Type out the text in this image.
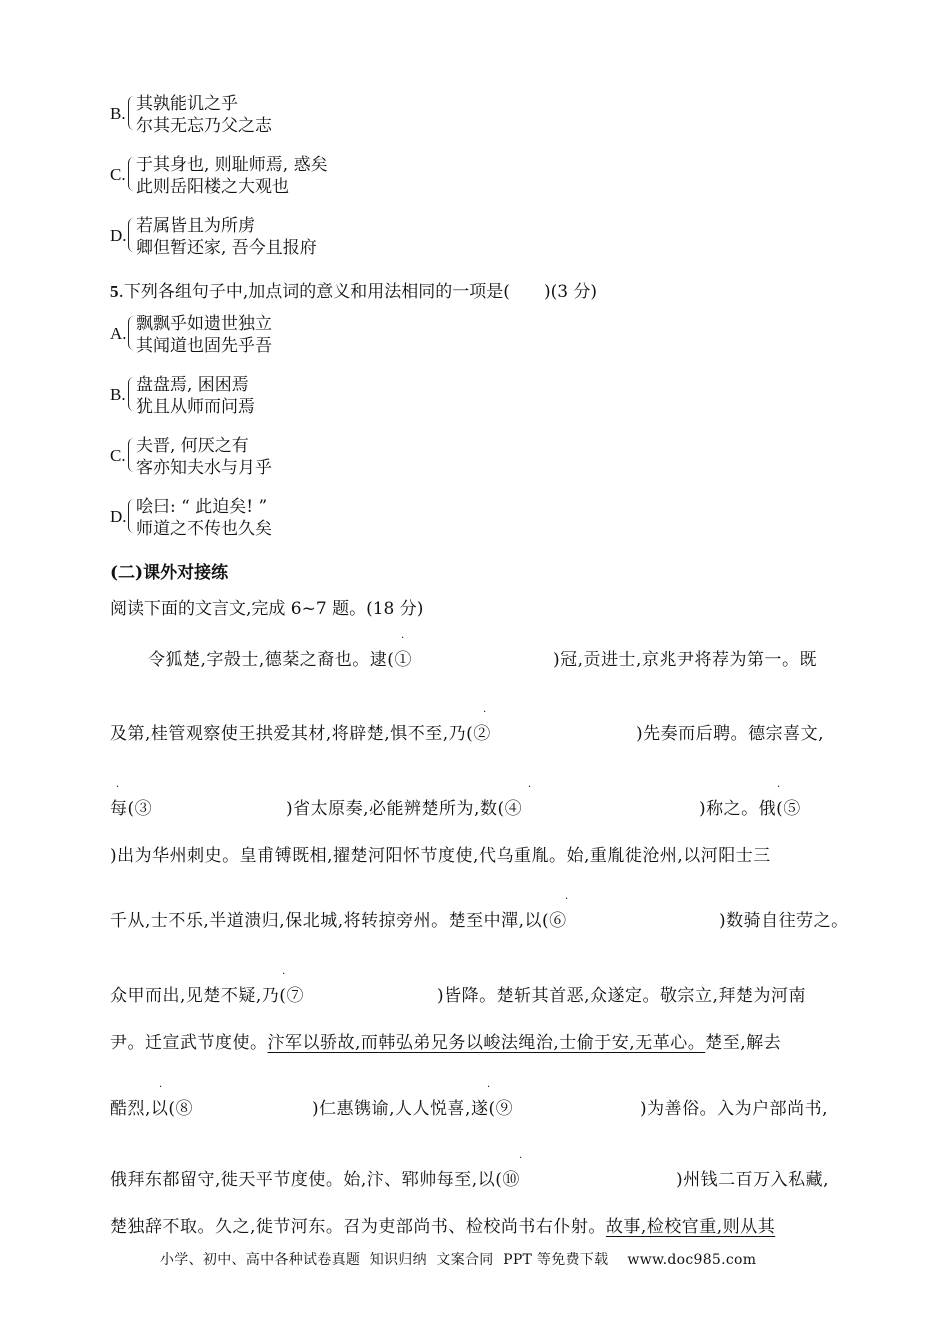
B. 其孰能讥之乎
尔其无忘乃父之志
C. 于其身也, 则耻师焉, 惑矣
此则岳阳楼之大观也
D. 若属皆且为所虏
卿但暂还家, 吾今且报府
5.下列各组句子中,加点词的意义和用法相同的一项是( )(3 分)
A. 飘飘乎如遗世独立
其闻道也固先乎吾
B. 盘盘焉, 困困焉
犹且从师而问焉
C. 夫晋, 何厌之有
客亦知夫水与月乎
D. 哙曰: “ 此迫矣! ”
师道之不传也久矣
(二)课外对接练
阅读下面的文言文,完成 6~7 题。(18 分)
令狐楚,字殻士,德棻之裔也。逮(①
·
)冠,贡进士,京兆尹将荐为第一。既
及第,桂管观察使王拱爱其材,将辟楚,惧不至,乃(②
·
)先奏而后聘。德宗喜文,
每(③
·
)省太原奏,必能辨楚所为,数(④
·
)称之。俄(⑤
·
)出为华州刺史。皇甫镈既相,擢楚河阳怀节度使,代乌重胤。始,重胤徙沧州,以河阳士三
千从,士不乐,半道溃归,保北城,将转掠旁州。楚至中潬,以(⑥
·
)数骑自往劳之。
众甲而出,见楚不疑,乃(⑦
·
)皆降。楚斩其首恶,众遂定。敬宗立,拜楚为河南
尹。迁宣武节度使。汴军以骄故,而韩弘弟兄务以峻法绳治,士偷于安,无革心。楚至,解去
酷烈,以(⑧
·
)仁惠镌谕,人人悦喜,遂(⑨
·
)为善俗。入为户部尚书,
俄拜东都留守,徙天平节度使。始,汴、郓帅每至,以(⑩
·
)州钱二百万入私藏,
楚独辞不取。久之,徙节河东。召为吏部尚书、检校尚书右仆射。故事,检校官重,则从其
小学、初中、高中各种试卷真题  知识归纳  文案合同  PPT 等免费下载    www.doc985.com
